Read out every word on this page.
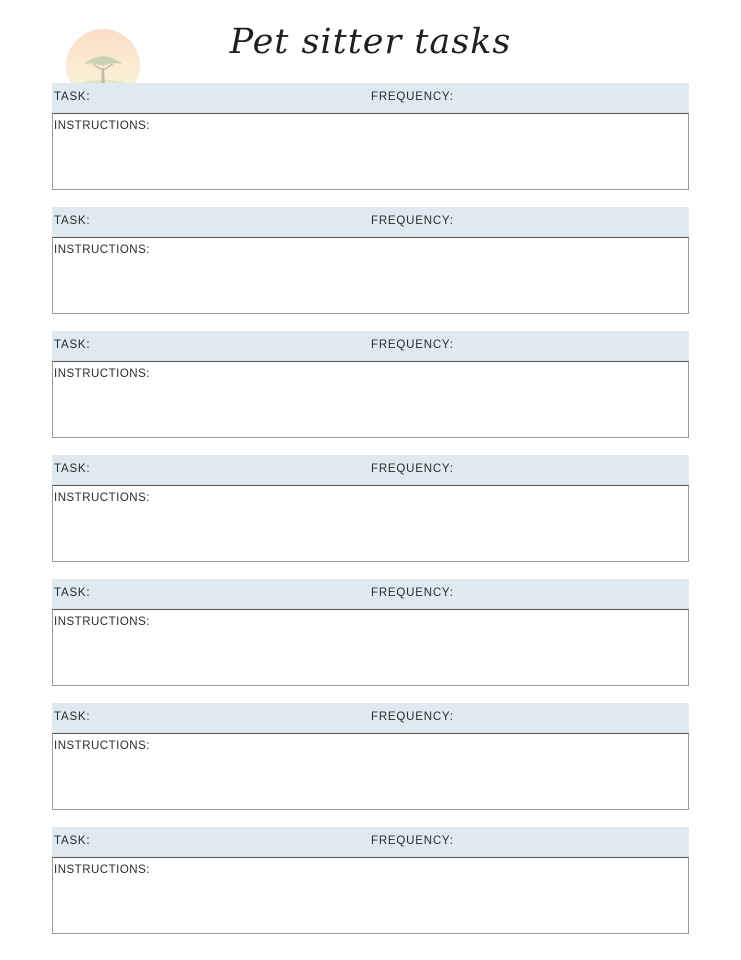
Pet sitter tasks
TASK:	FREQUENCY:
INSTRUCTIONS:
TASK:	FREQUENCY:
INSTRUCTIONS:
TASK:	FREQUENCY:
INSTRUCTIONS:
TASK:	FREQUENCY:
INSTRUCTIONS:
TASK:	FREQUENCY:
INSTRUCTIONS:
TASK:	FREQUENCY:
INSTRUCTIONS:
TASK:	FREQUENCY:
INSTRUCTIONS:
